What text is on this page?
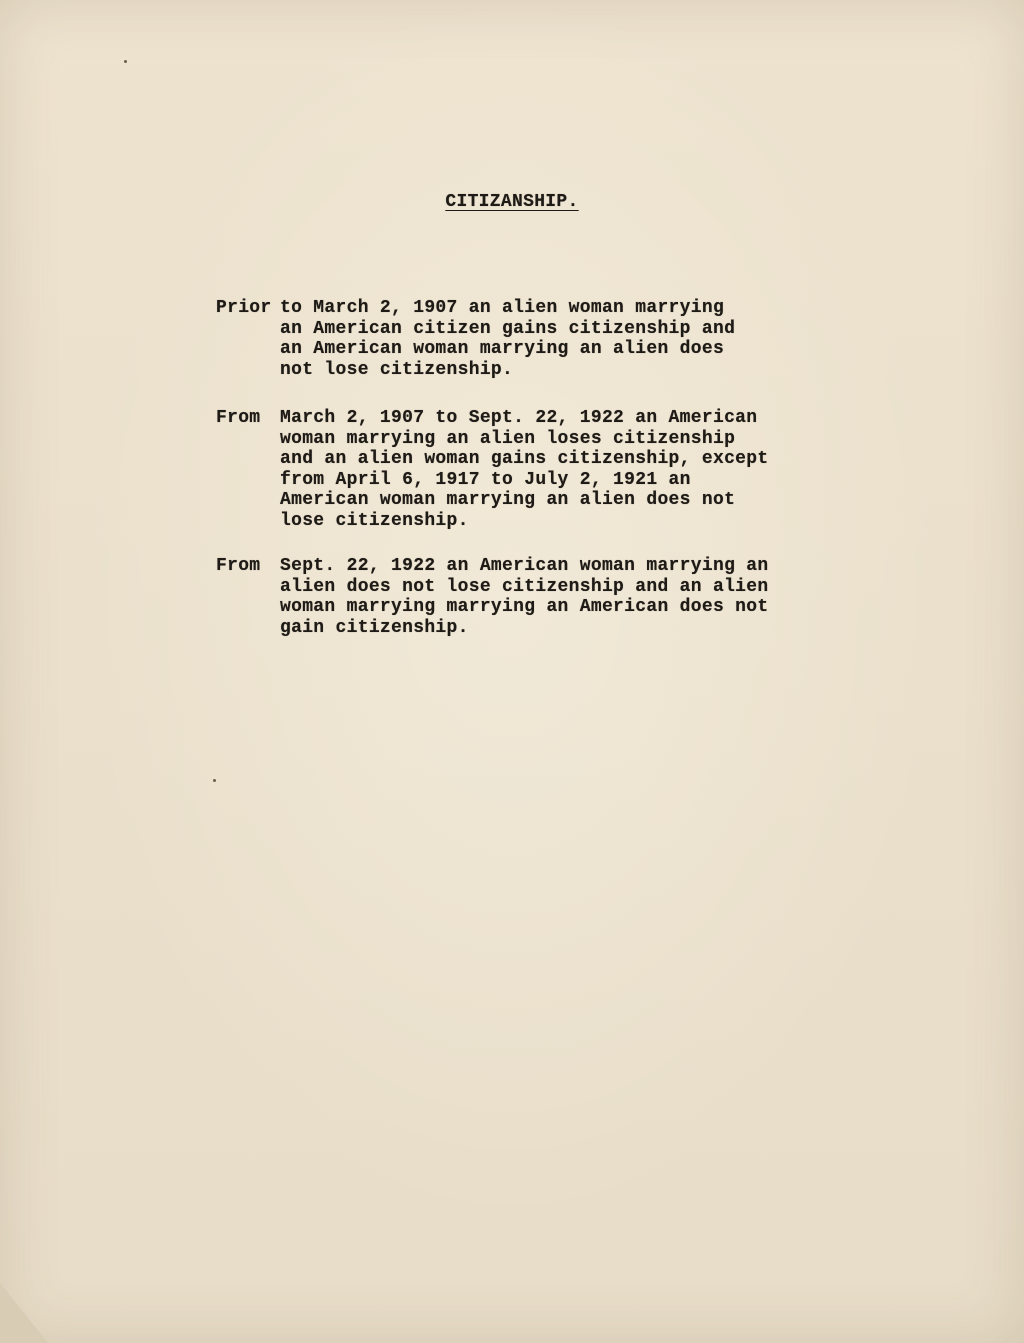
CITIZANSHIP.

Prior to March 2, 1907 an alien woman marrying
an American citizen gains citizenship and
an American woman marrying an alien does
not lose citizenship.

From March 2, 1907 to Sept. 22, 1922 an American
woman marrying an alien loses citizenship
and an alien woman gains citizenship, except
from April 6, 1917 to July 2, 1921 an
American woman marrying an alien does not
lose citizenship.

From Sept. 22, 1922 an American woman marrying an
alien does not lose citizenship and an alien
woman marrying marrying an American does not
gain citizenship.
